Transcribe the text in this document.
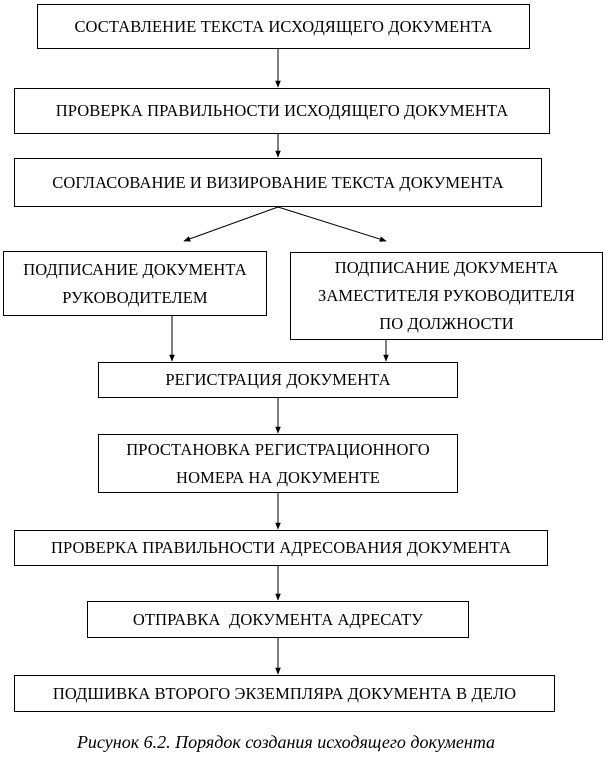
СОСТАВЛЕНИЕ ТЕКСТА ИСХОДЯЩЕГО ДОКУМЕНТА
ПРОВЕРКА ПРАВИЛЬНОСТИ ИСХОДЯЩЕГО ДОКУМЕНТА
СОГЛАСОВАНИЕ И ВИЗИРОВАНИЕ ТЕКСТА ДОКУМЕНТА
ПОДПИСАНИЕ ДОКУМЕНТА
РУКОВОДИТЕЛЕМ
ПОДПИСАНИЕ ДОКУМЕНТА
ЗАМЕСТИТЕЛЯ РУКОВОДИТЕЛЯ
ПО ДОЛЖНОСТИ
РЕГИСТРАЦИЯ ДОКУМЕНТА
ПРОСТАНОВКА РЕГИСТРАЦИОННОГО
НОМЕРА НА ДОКУМЕНТЕ
ПРОВЕРКА ПРАВИЛЬНОСТИ АДРЕСОВАНИЯ ДОКУМЕНТА
ОТПРАВКА  ДОКУМЕНТА АДРЕСАТУ
ПОДШИВКА ВТОРОГО ЭКЗЕМПЛЯРА ДОКУМЕНТА В ДЕЛО
Рисунок 6.2. Порядок создания исходящего документа
